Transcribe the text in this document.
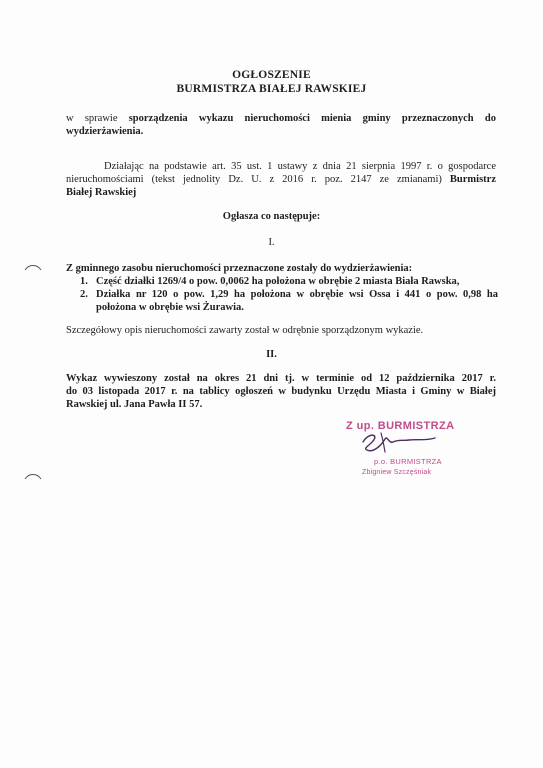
OGŁOSZENIE
BURMISTRZA BIAŁEJ RAWSKIEJ
w sprawie sporządzenia wykazu nieruchomości mienia gminy przeznaczonych do
wydzierżawienia.
Działając na podstawie art. 35 ust. 1 ustawy z dnia 21 sierpnia 1997 r. o gospodarce
nieruchomościami (tekst jednolity Dz. U. z 2016 r. poz. 2147 ze zmianami) Burmistrz
Białej Rawskiej
Ogłasza co następuje:
I.
Z gminnego zasobu nieruchomości przeznaczone zostały do wydzierżawienia:
1. Część działki 1269/4 o pow. 0,0062 ha położona w obrębie 2 miasta Biała Rawska,
2. Działka nr 120 o pow. 1,29 ha położona w obrębie wsi Ossa i 441 o pow. 0,98 ha
położona w obrębie wsi Żurawia.
Szczegółowy opis nieruchomości zawarty został w odrębnie sporządzonym wykazie.
II.
Wykaz wywieszony został na okres 21 dni tj. w terminie od 12 października 2017 r.
do 03 listopada 2017 r. na tablicy ogłoszeń w budynku Urzędu Miasta i Gminy w Białej
Rawskiej ul. Jana Pawła II 57.
Z up. BURMISTRZA
p.o. BURMISTRZA
Zbigniew Szczęśniak
